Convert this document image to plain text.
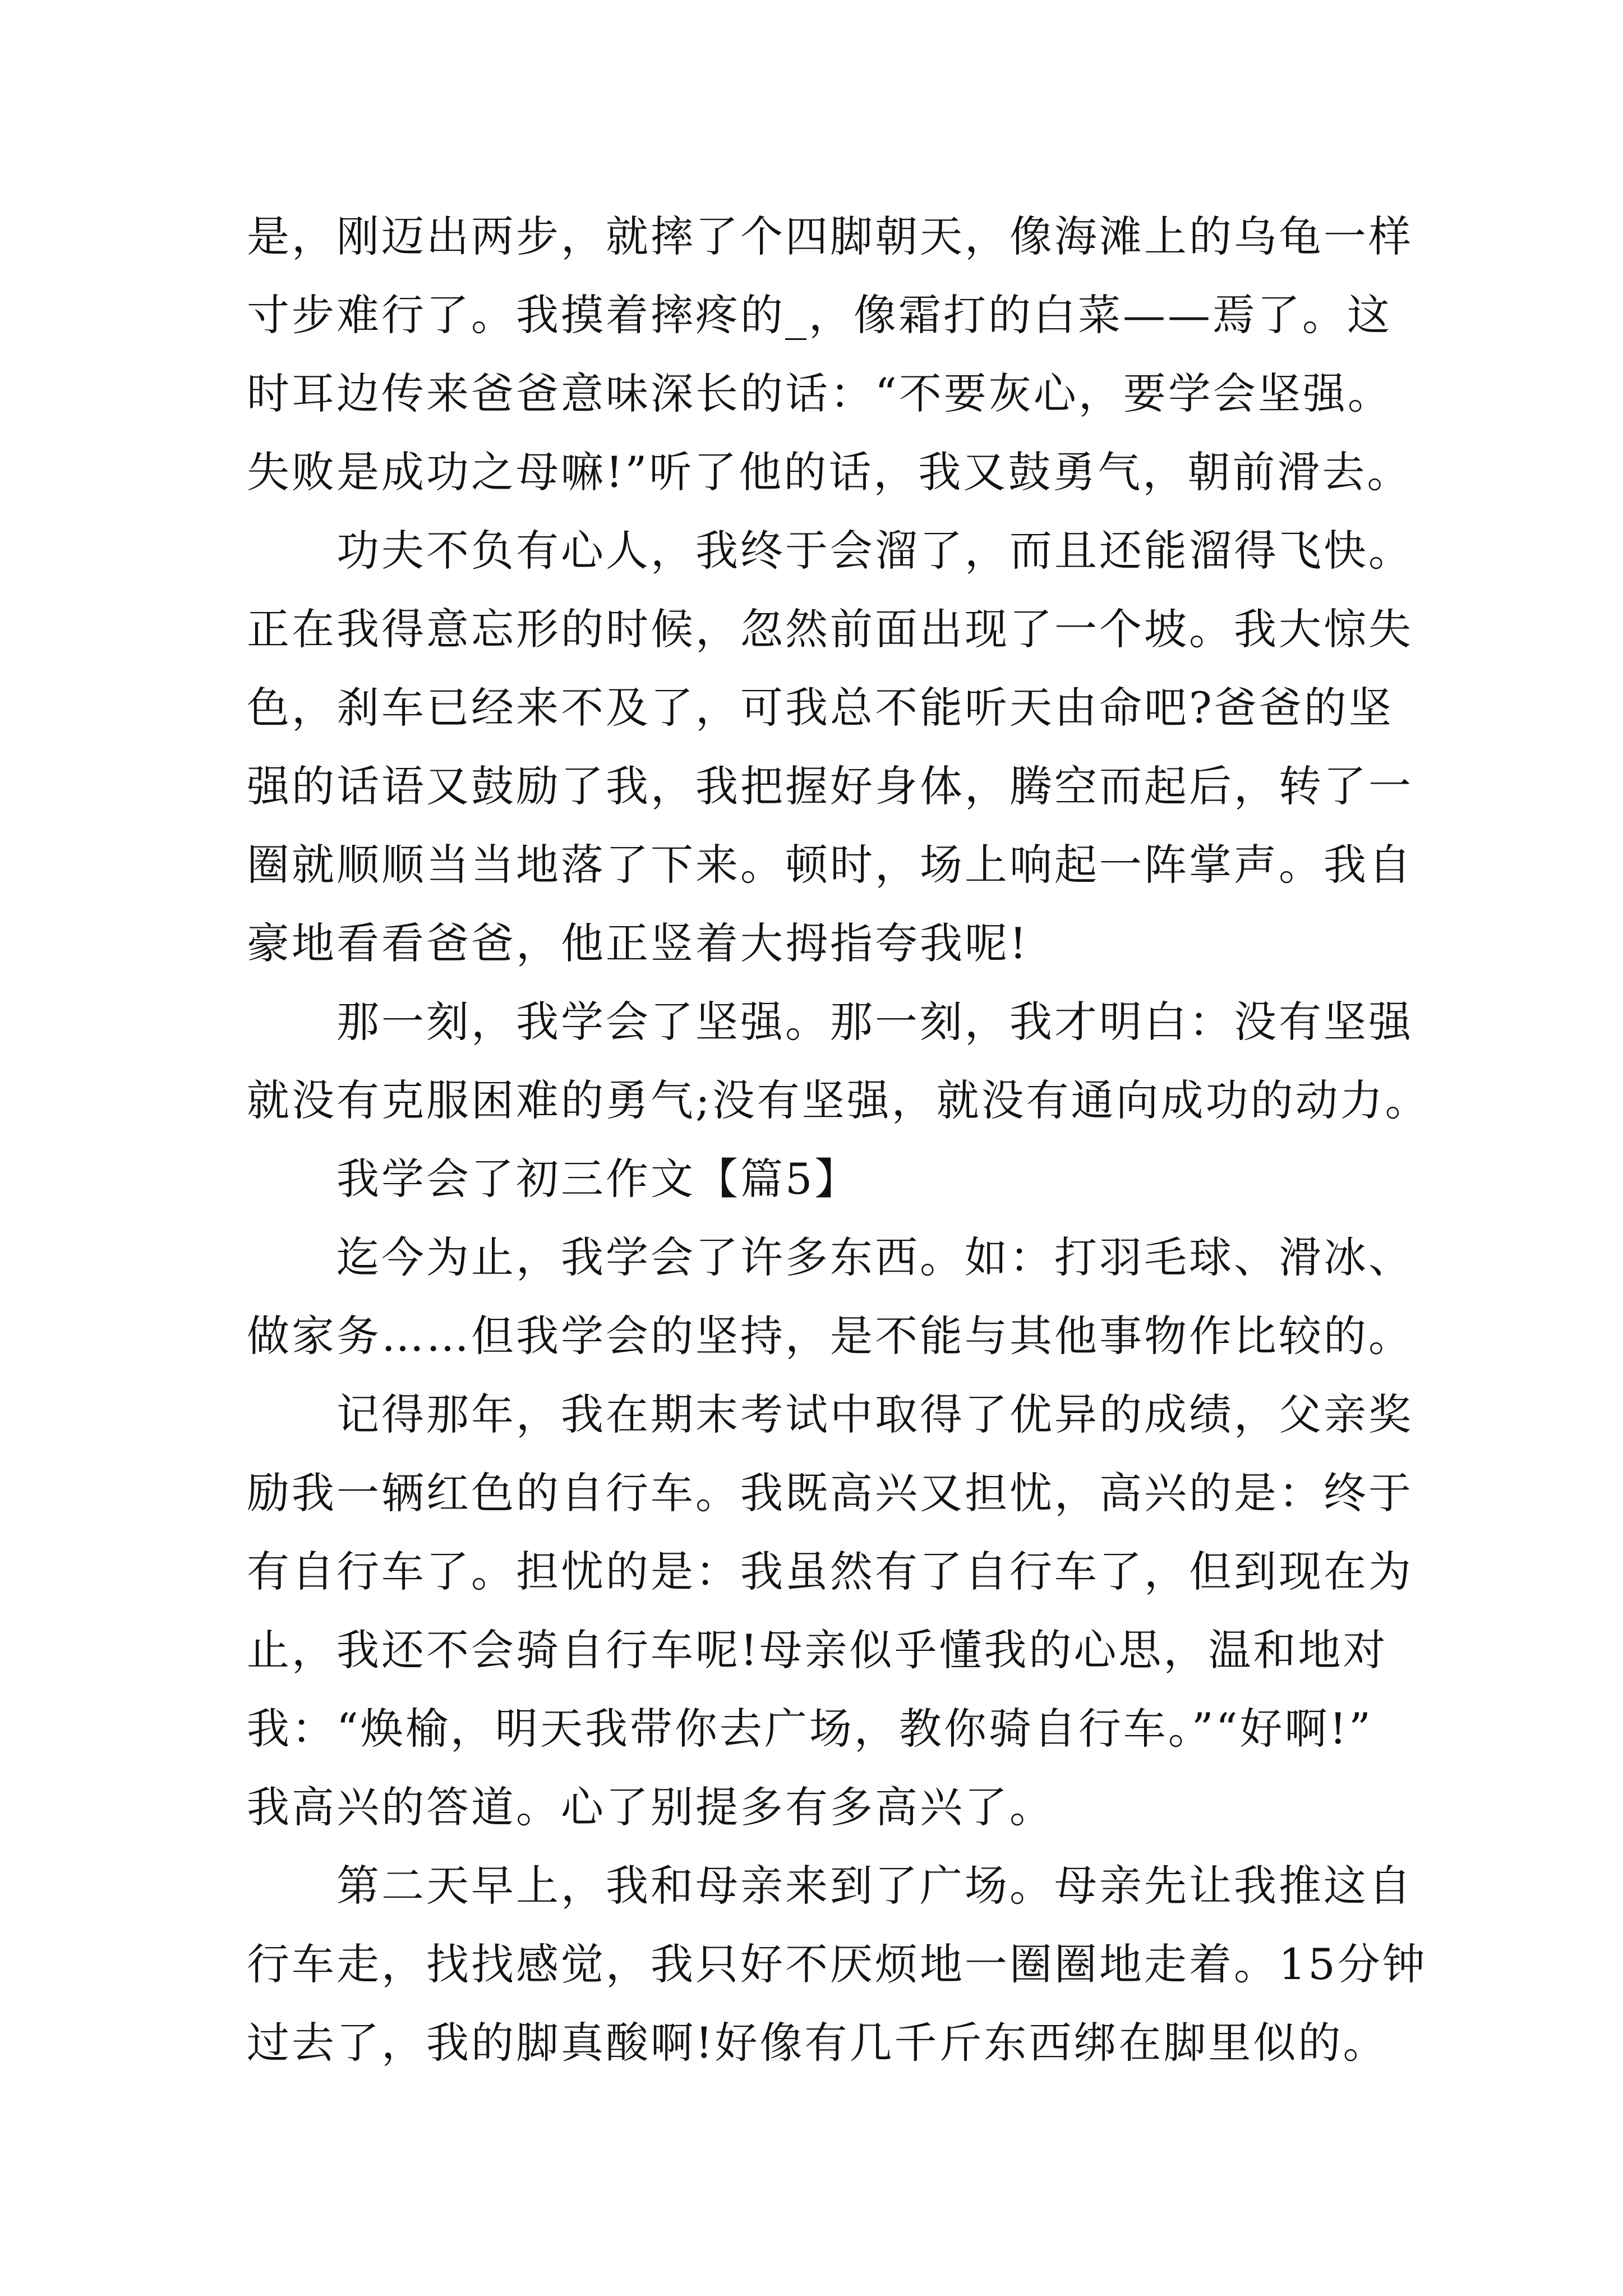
是，刚迈出两步，就摔了个四脚朝天，像海滩上的乌龟一样
寸步难行了。我摸着摔疼的_，像霜打的白菜——焉了。这
时耳边传来爸爸意味深长的话：“不要灰心，要学会坚强。
失败是成功之母嘛!”听了他的话，我又鼓勇气，朝前滑去。
功夫不负有心人，我终于会溜了，而且还能溜得飞快。
正在我得意忘形的时候，忽然前面出现了一个坡。我大惊失
色，刹车已经来不及了，可我总不能听天由命吧?爸爸的坚
强的话语又鼓励了我，我把握好身体，腾空而起后，转了一
圈就顺顺当当地落了下来。顿时，场上响起一阵掌声。我自
豪地看看爸爸，他正竖着大拇指夸我呢!
那一刻，我学会了坚强。那一刻，我才明白：没有坚强
就没有克服困难的勇气;没有坚强，就没有通向成功的动力。
我学会了初三作文【篇5】
迄今为止，我学会了许多东西。如：打羽毛球、滑冰、
做家务……但我学会的坚持，是不能与其他事物作比较的。
记得那年，我在期末考试中取得了优异的成绩，父亲奖
励我一辆红色的自行车。我既高兴又担忧，高兴的是：终于
有自行车了。担忧的是：我虽然有了自行车了，但到现在为
止，我还不会骑自行车呢!母亲似乎懂我的心思，温和地对
我：“焕榆，明天我带你去广场，教你骑自行车。”“好啊!”
我高兴的答道。心了别提多有多高兴了。
第二天早上，我和母亲来到了广场。母亲先让我推这自
行车走，找找感觉，我只好不厌烦地一圈圈地走着。15分钟
过去了，我的脚真酸啊!好像有几千斤东西绑在脚里似的。
